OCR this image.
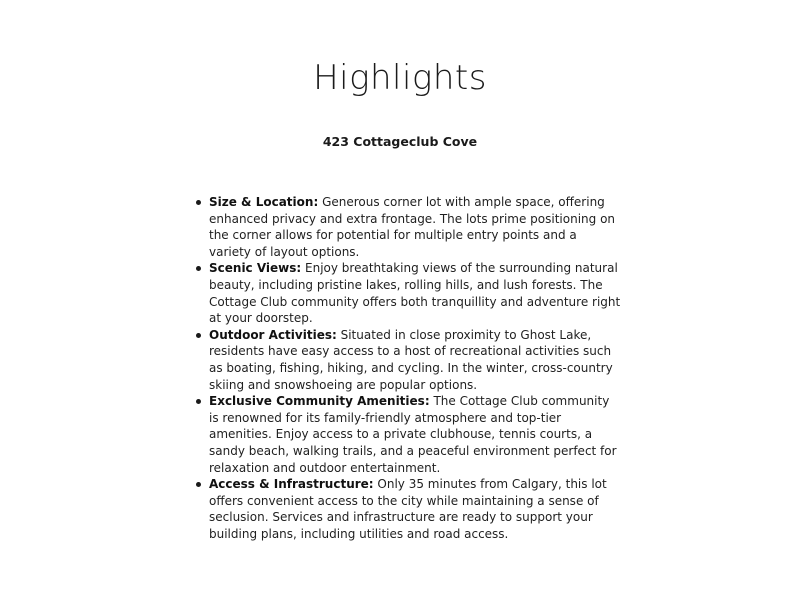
Highlights
423 Cottageclub Cove
Size & Location: Generous corner lot with ample space, offering enhanced privacy and extra frontage. The lots prime positioning on the corner allows for potential for multiple entry points and a variety of layout options.
Scenic Views: Enjoy breathtaking views of the surrounding natural beauty, including pristine lakes, rolling hills, and lush forests. The Cottage Club community offers both tranquillity and adventure right at your doorstep.
Outdoor Activities: Situated in close proximity to Ghost Lake, residents have easy access to a host of recreational activities such as boating, fishing, hiking, and cycling. In the winter, cross-country skiing and snowshoeing are popular options.
Exclusive Community Amenities: The Cottage Club community is renowned for its family-friendly atmosphere and top-tier amenities. Enjoy access to a private clubhouse, tennis courts, a sandy beach, walking trails, and a peaceful environment perfect for relaxation and outdoor entertainment.
Access & Infrastructure: Only 35 minutes from Calgary, this lot offers convenient access to the city while maintaining a sense of seclusion. Services and infrastructure are ready to support your building plans, including utilities and road access.
